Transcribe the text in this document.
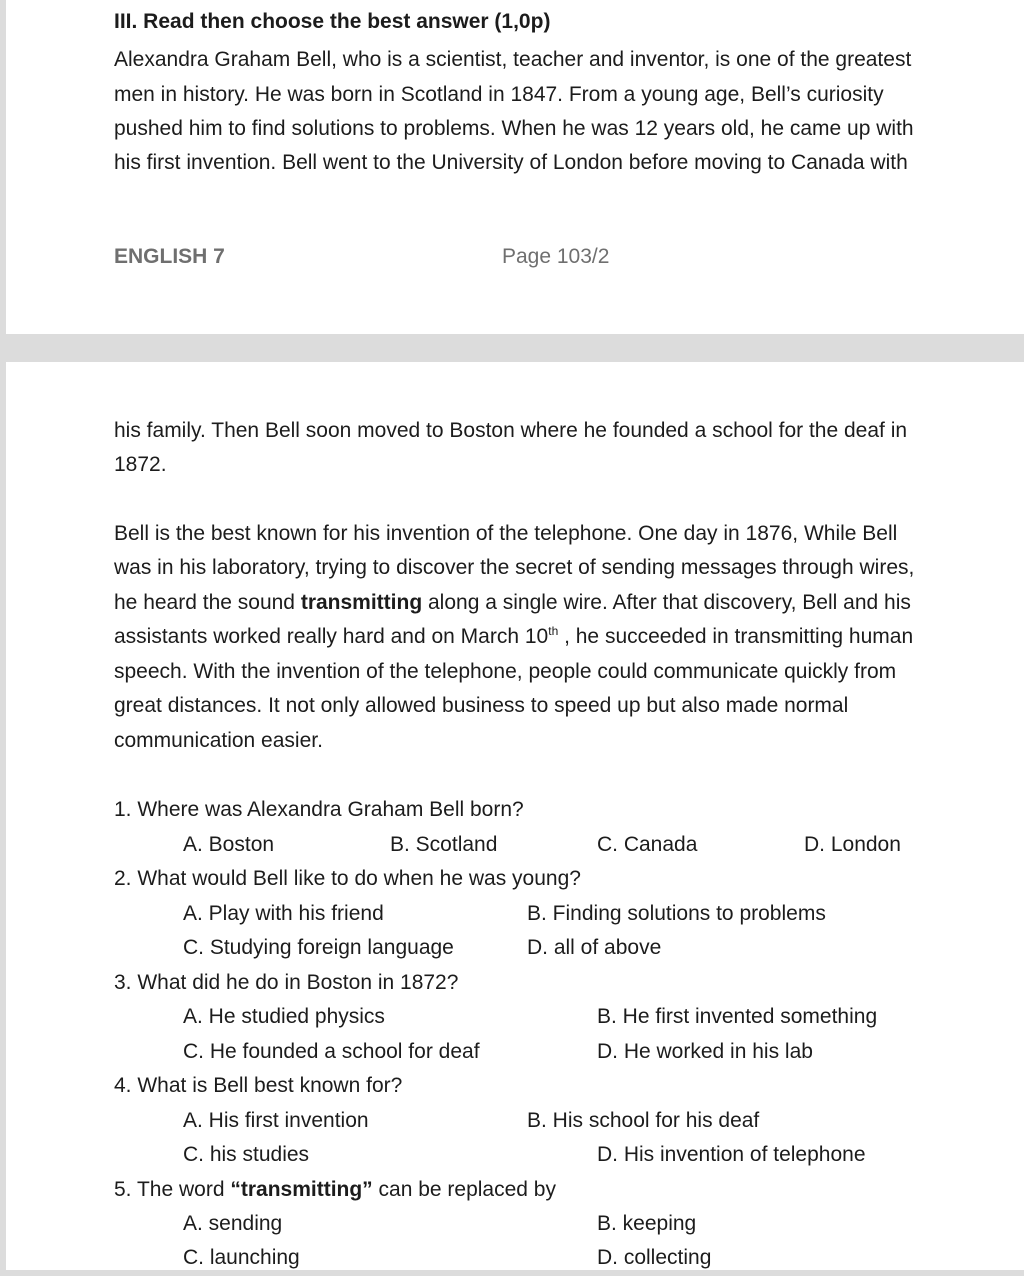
III. Read then choose the best answer (1,0p)
Alexandra Graham Bell, who is a scientist, teacher and inventor, is one of the greatest
men in history. He was born in Scotland in 1847. From a young age, Bell’s curiosity
pushed him to find solutions to problems. When he was 12 years old, he came up with
his first invention. Bell went to the University of London before moving to Canada with
ENGLISH 7	Page 103/2
his family. Then Bell soon moved to Boston where he founded a school for the deaf in
1872.
Bell is the best known for his invention of the telephone. One day in 1876, While Bell
was in his laboratory, trying to discover the secret of sending messages through wires,
he heard the sound transmitting along a single wire. After that discovery, Bell and his
assistants worked really hard and on March 10th , he succeeded in transmitting human
speech. With the invention of the telephone, people could communicate quickly from
great distances. It not only allowed business to speed up but also made normal
communication easier.
1. Where was Alexandra Graham Bell born?
A. Boston	B. Scotland	C. Canada	D. London
2. What would Bell like to do when he was young?
A. Play with his friend	B. Finding solutions to problems
C. Studying foreign language	D. all of above
3. What did he do in Boston in 1872?
A. He studied physics	B. He first invented something
C. He founded a school for deaf	D. He worked in his lab
4. What is Bell best known for?
A. His first invention	B. His school for his deaf
C. his studies	D. His invention of telephone
5. The word “transmitting” can be replaced by
A. sending	B. keeping
C. launching	D. collecting
